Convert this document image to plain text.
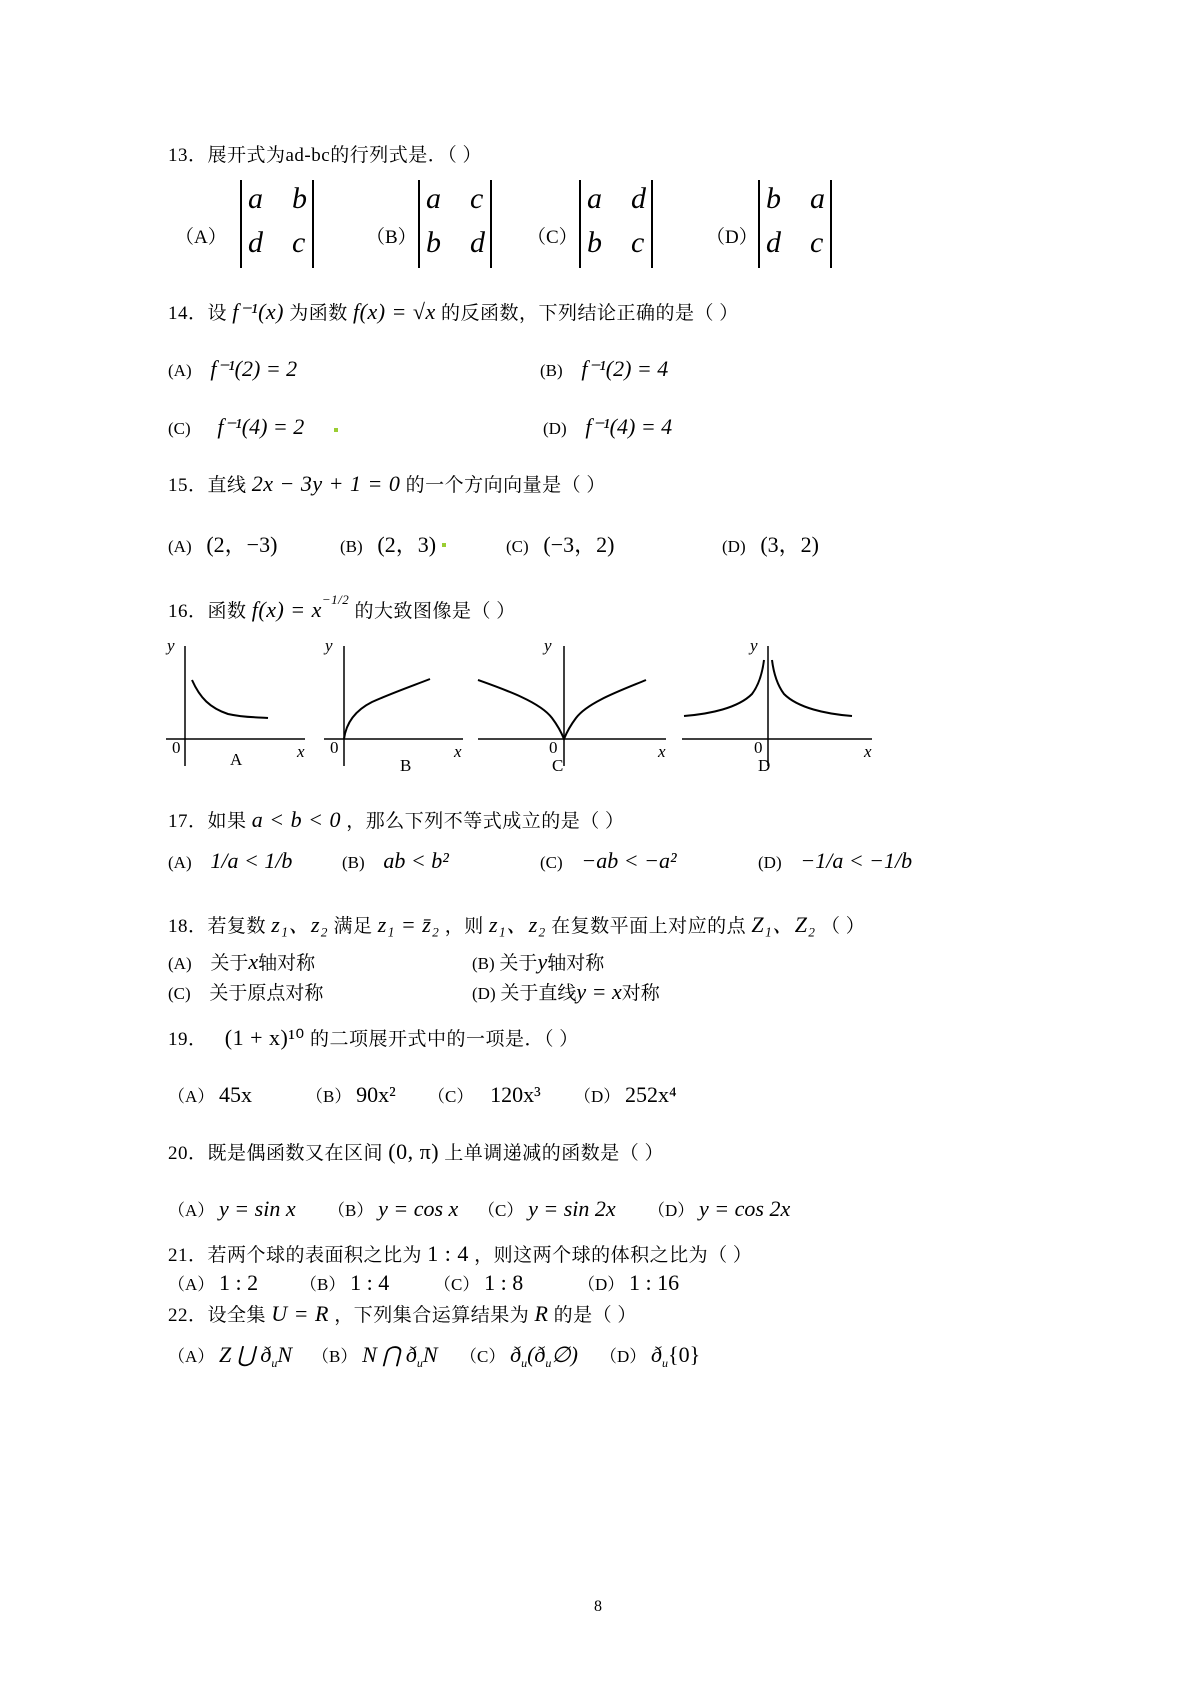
13．展开式为ad-bc的行列式是．（ ）
（A）
a b
d c	（B）
a c
b d （C）
a d
b c	（D）
b a
d c
14．设 f⁻¹(x) 为函数 f(x) = √x 的反函数，下列结论正确的是（ ）
(A) f⁻¹(2) = 2	(B) f⁻¹(2) = 4
(C) f⁻¹(4) = 2	(D) f⁻¹(4) = 4
15．直线 2x − 3y + 1 = 0 的一个方向向量是（ ）
(A) (2，−3)	(B) (2，3)	(C) (−3，2)	(D) (3，2)
16．函数 $f(x) = x^{-1/2}$ 的大致图像是（ ）
y
x
0
A
y
x
0
B
y
x
0
C
y
x
0
D
17．如果 a < b < 0 ，那么下列不等式成立的是（ ）
(A) 1/a < 1/b	(B) ab < b²	(C) −ab < −a²	(D) −1/a < −1/b
18．若复数 z₁、z₂ 满足 z₁ = z̄₂ ，则 z₁、z₂ 在复数平面上对应的点 Z₁、Z₂ （ ）
(A) 关于x轴对称	(B) 关于y轴对称
(C) 关于原点对称	(D) 关于直线y = x对称
19． (1 + x)¹⁰ 的二项展开式中的一项是．（ ）
（A） 45x	（B） 90x² （C） 120x³ （D） 252x⁴
20．既是偶函数又在区间 (0, π) 上单调递减的函数是（ ）
（A） y = sin x （B） y = cos x （C） y = sin 2x （D） y = cos 2x
21．若两个球的表面积之比为 1 : 4 ，则这两个球的体积之比为（ ）
（A） 1 : 2 （B） 1 : 4	（C） 1 : 8	（D） 1 : 16
22．设全集 U = R ，下列集合运算结果为 R 的是（ ）
（A） Z ⋃ $ð_uN$ （B） N ⋂ $ð_uN$ （C） $ð_u(ð_u\emptyset)$ （D） $ð_u\{0\}$
8
